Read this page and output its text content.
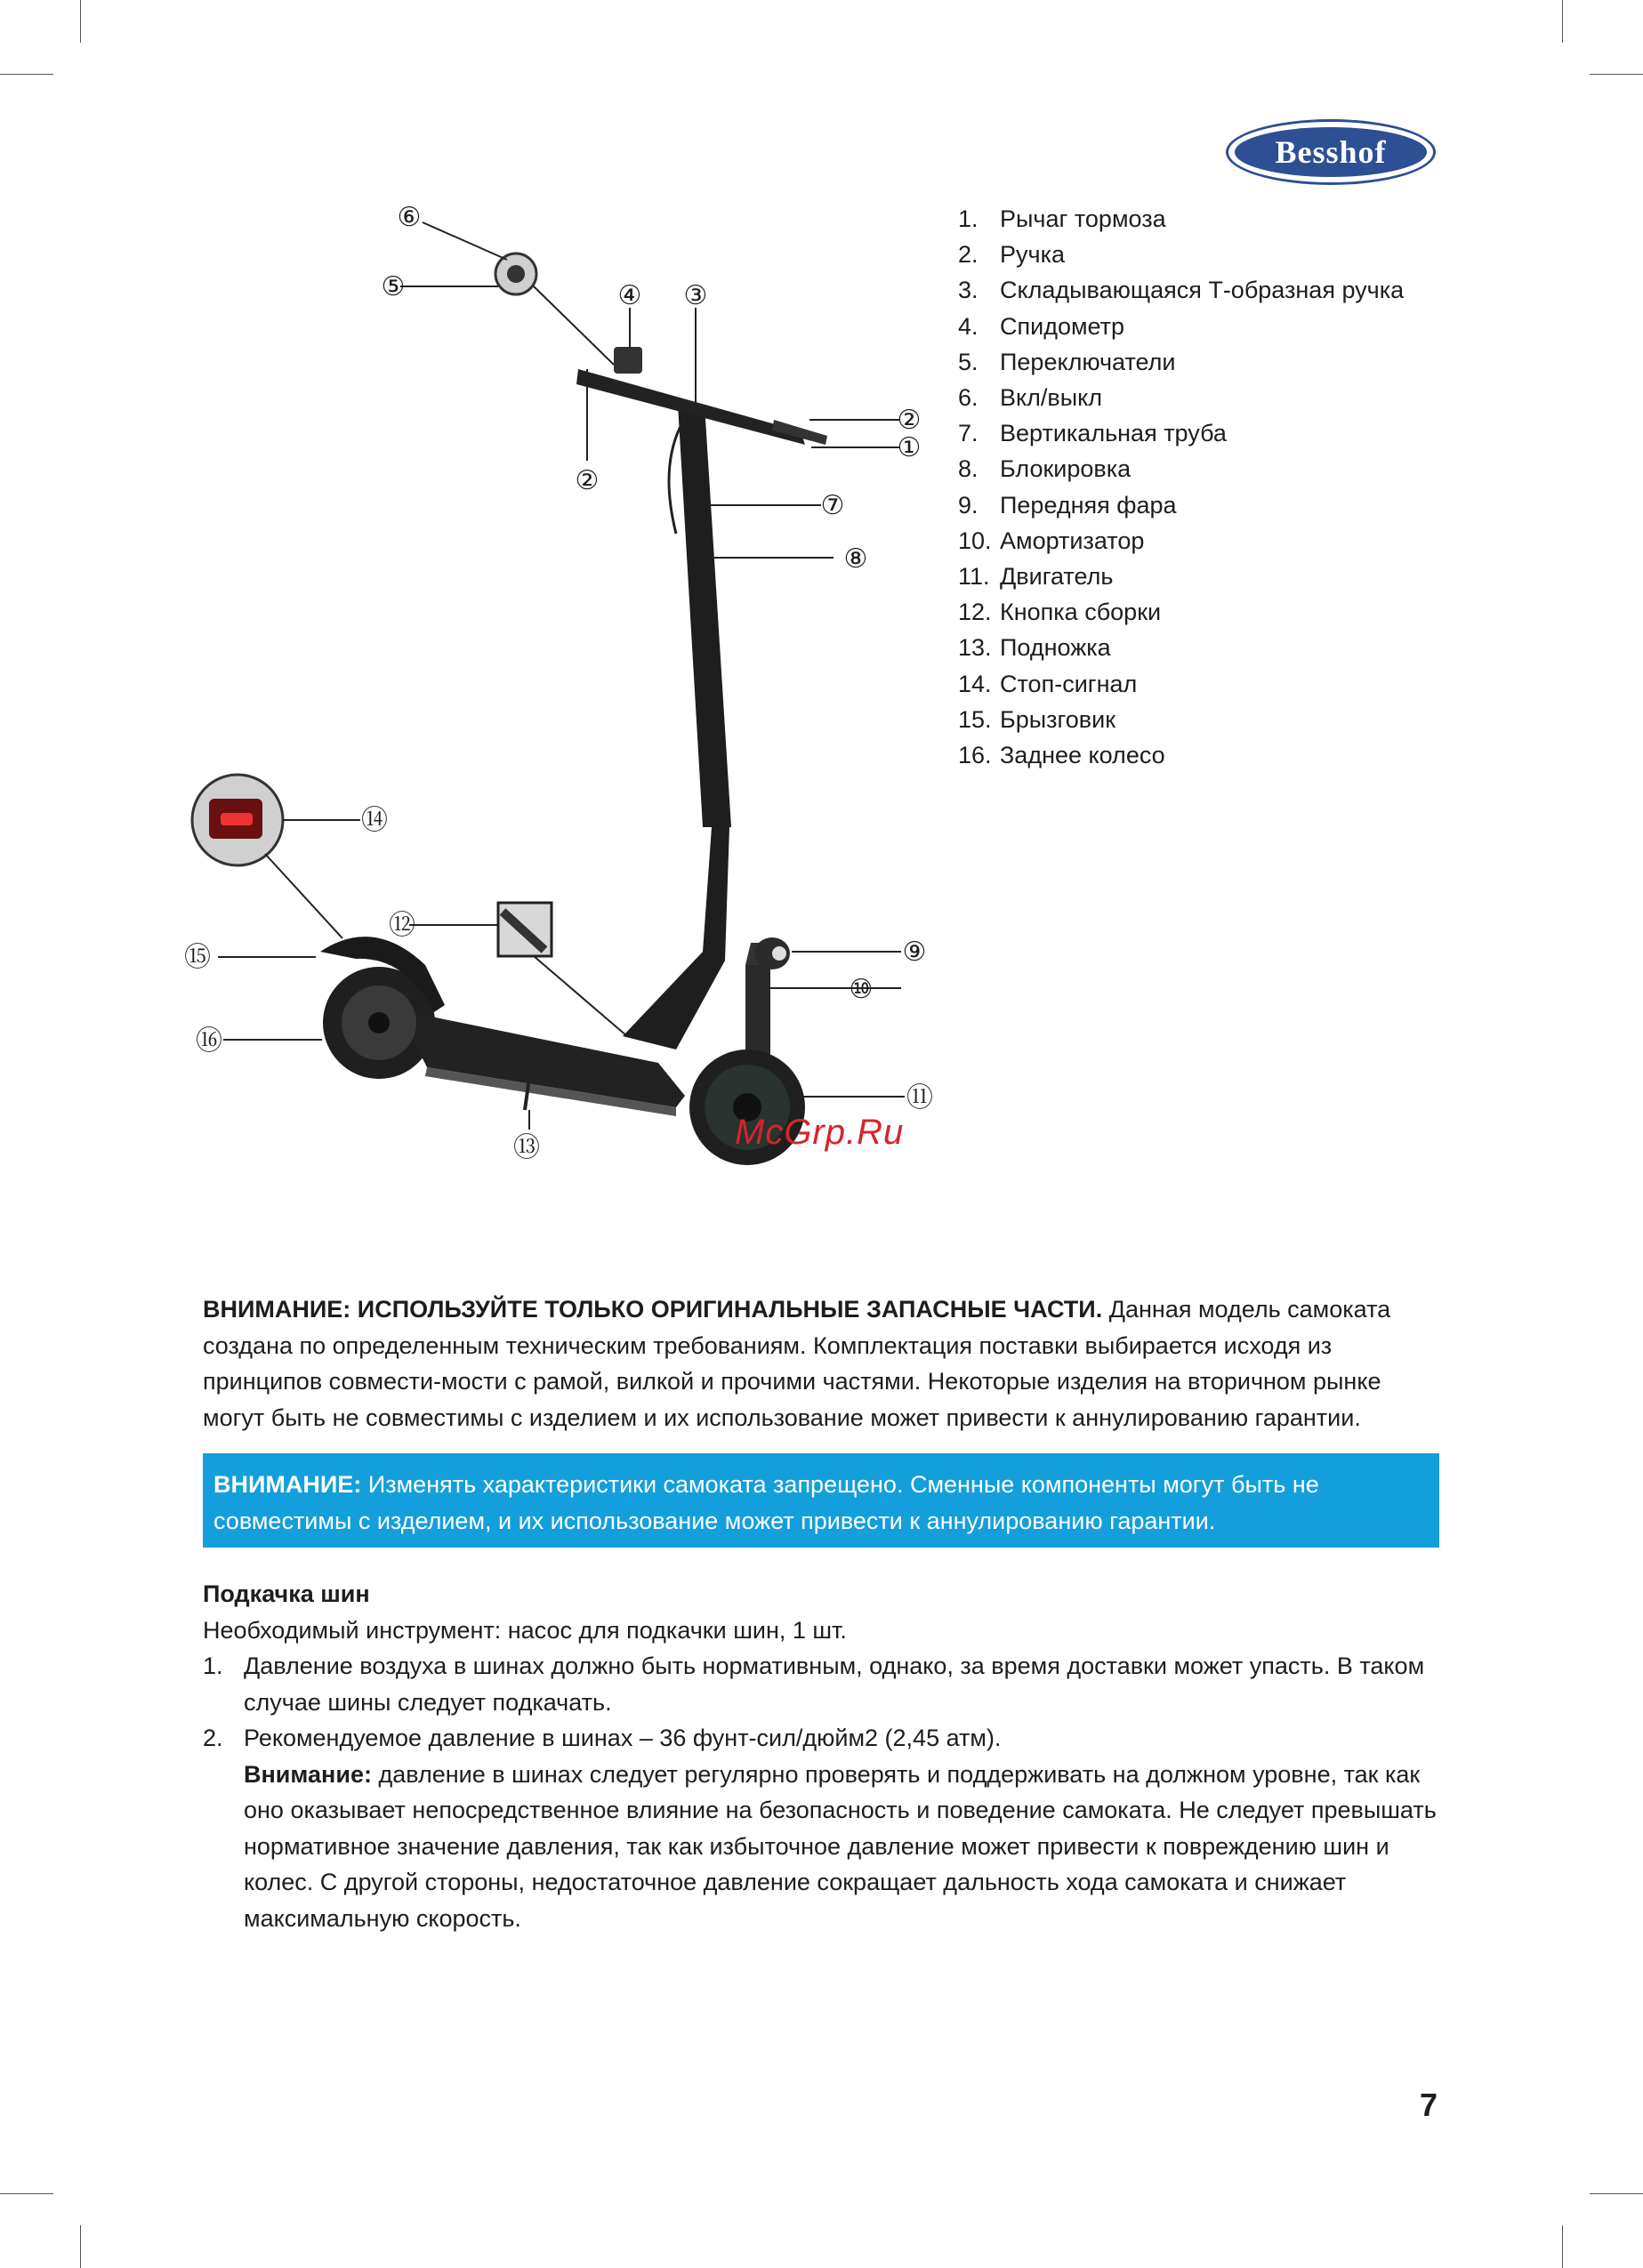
Besshof
⑥
⑤	④ ③
②
①
②
⑦
⑧
⑭
⑫
⑨
⑮
⑩
⑯
⑪
⑬	McGrp.Ru
1. Рычаг тормоза
2. Ручка
3. Складывающаяся Т-образная ручка
4. Спидометр
5. Переключатели
6. Вкл/выкл
7. Вертикальная труба
8. Блокировка
9. Передняя фара
10. Амортизатор
11. Двигатель
12. Кнопка сборки
13. Подножка
14. Стоп-сигнал
15. Брызговик
16. Заднее колесо
ВНИМАНИЕ: ИСПОЛЬЗУЙТЕ ТОЛЬКО ОРИГИНАЛЬНЫЕ ЗАПАСНЫЕ ЧАСТИ. Данная модель самоката создана по определенным техническим требованиям. Комплектация поставки выбирается исходя из принципов совмести-мости с рамой, вилкой и прочими частями. Некоторые изделия на вторичном рынке могут быть не совместимы с изделием и их использование может привести к аннулированию гарантии.
ВНИМАНИЕ: Изменять характеристики самоката запрещено. Сменные компоненты могут быть не совместимы с изделием, и их использование может привести к аннулированию гарантии.
Подкачка шин

Необходимый инструмент: насос для подкачки шин, 1 шт.

1. Давление воздуха в шинах должно быть нормативным, однако, за время доставки может упасть. В таком случае шины следует подкачать.
2. Рекомендуемое давление в шинах – 36 фунт-сил/дюйм2 (2,45 атм).
Внимание: давление в шинах следует регулярно проверять и поддерживать на должном уровне, так как оно оказывает непосредственное влияние на безопасность и поведение самоката. Не следует превышать нормативное значение давления, так как избыточное давление может привести к повреждению шин и колес. С другой стороны, недостаточное давление сокращает дальность хода самоката и снижает максимальную скорость.
7
